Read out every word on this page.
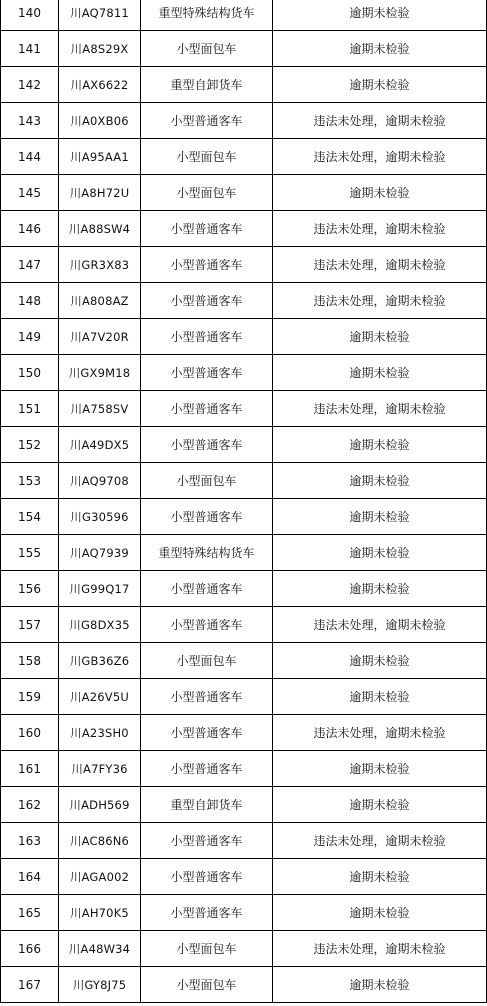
140	川AQ7811	重型特殊结构货车	逾期未检验
141	川A8S29X	小型面包车	逾期未检验
142	川AX6622	重型自卸货车	逾期未检验
143	川A0XB06	小型普通客车	违法未处理，逾期未检验
144	川A95AA1	小型面包车	违法未处理，逾期未检验
145	川A8H72U	小型面包车	逾期未检验
146	川A88SW4	小型普通客车	违法未处理，逾期未检验
147	川GR3X83	小型普通客车	违法未处理，逾期未检验
148	川A808AZ	小型普通客车	违法未处理，逾期未检验
149	川A7V20R	小型普通客车	逾期未检验
150	川GX9M18	小型普通客车	逾期未检验
151	川A758SV	小型普通客车	违法未处理，逾期未检验
152	川A49DX5	小型普通客车	逾期未检验
153	川AQ9708	小型面包车	逾期未检验
154	川G30596	小型普通客车	逾期未检验
155	川AQ7939	重型特殊结构货车	逾期未检验
156	川G99Q17	小型普通客车	逾期未检验
157	川G8DX35	小型普通客车	违法未处理，逾期未检验
158	川GB36Z6	小型面包车	逾期未检验
159	川A26V5U	小型普通客车	逾期未检验
160	川A23SH0	小型普通客车	违法未处理，逾期未检验
161	川A7FY36	小型普通客车	逾期未检验
162	川ADH569	重型自卸货车	逾期未检验
163	川AC86N6	小型普通客车	违法未处理，逾期未检验
164	川AGA002	小型普通客车	逾期未检验
165	川AH70K5	小型普通客车	逾期未检验
166	川A48W34	小型面包车	违法未处理，逾期未检验
167	川GY8J75	小型面包车	逾期未检验
